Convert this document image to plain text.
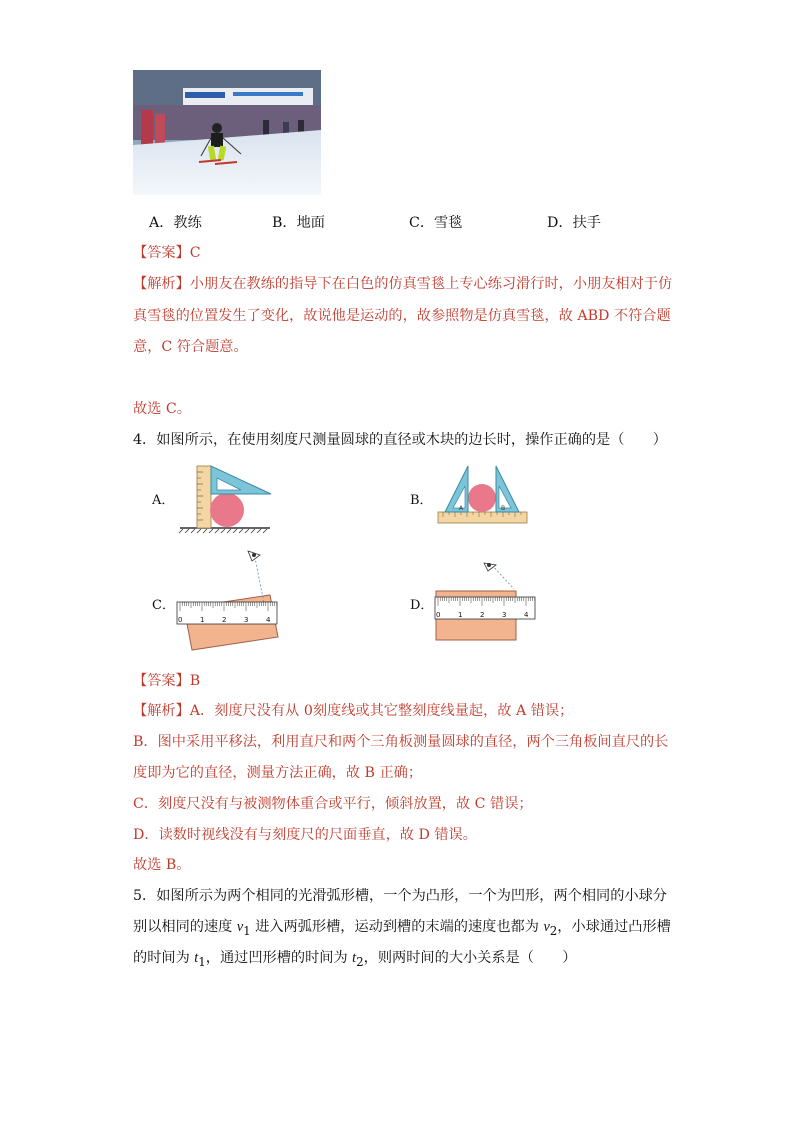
A．教练	B．地面	C．雪毯	D．扶手
【答案】C
【解析】小朋友在教练的指导下在白色的仿真雪毯上专心练习滑行时，小朋友相对于仿
真雪毯的位置发生了变化，故说他是运动的，故参照物是仿真雪毯，故 ABD 不符合题
意，C 符合题意。
故选 C。
4．如图所示，在使用刻度尺测量圆球的直径或木块的边长时，操作正确的是（　　）
A．	B．
C．	D．
A	B
0	1	2	3	4
0	1	2	3	4
【答案】B
【解析】A．刻度尺没有从 0刻度线或其它整刻度线量起，故 A 错误；
B．图中采用平移法，利用直尺和两个三角板测量圆球的直径，两个三角板间直尺的长
度即为它的直径，测量方法正确，故 B 正确；
C．刻度尺没有与被测物体重合或平行，倾斜放置，故 C 错误；
D．读数时视线没有与刻度尺的尺面垂直，故 D 错误。
故选 B。
5．如图所示为两个相同的光滑弧形槽，一个为凸形，一个为凹形，两个相同的小球分
别以相同的速度 $v_1$ 进入两弧形槽，运动到槽的末端的速度也都为 $v_2$，小球通过凸形槽
的时间为 $t_1$，通过凹形槽的时间为 $t_2$，则两时间的大小关系是（　　）
